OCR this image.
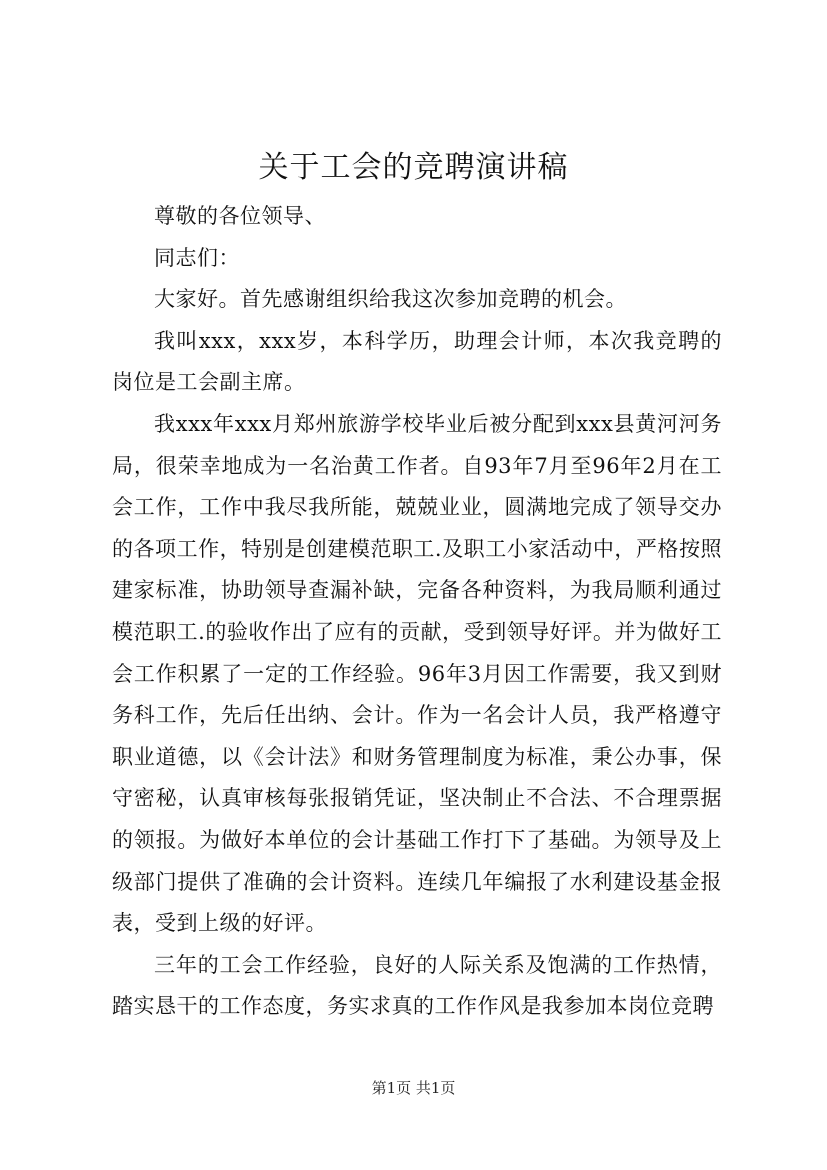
关于工会的竞聘演讲稿

尊敬的各位领导、

同志们：

大家好。首先感谢组织给我这次参加竞聘的机会。

我叫xxx，xxx岁，本科学历，助理会计师，本次我竞聘的岗位是工会副主席。

我xxx年xxx月郑州旅游学校毕业后被分配到xxx县黄河河务局，很荣幸地成为一名治黄工作者。自93年7月至96年2月在工会工作，工作中我尽我所能，兢兢业业，圆满地完成了领导交办的各项工作，特别是创建模范职工.及职工小家活动中，严格按照建家标准，协助领导查漏补缺，完备各种资料，为我局顺利通过模范职工.的验收作出了应有的贡献，受到领导好评。并为做好工会工作积累了一定的工作经验。96年3月因工作需要，我又到财务科工作，先后任出纳、会计。作为一名会计人员，我严格遵守职业道德，以《会计法》和财务管理制度为标准，秉公办事，保守密秘，认真审核每张报销凭证，坚决制止不合法、不合理票据的领报。为做好本单位的会计基础工作打下了基础。为领导及上级部门提供了准确的会计资料。连续几年编报了水利建设基金报表，受到上级的好评。

三年的工会工作经验，良好的人际关系及饱满的工作热情，踏实恳干的工作态度，务实求真的工作作风是我参加本岗位竞聘

第1页 共1页
